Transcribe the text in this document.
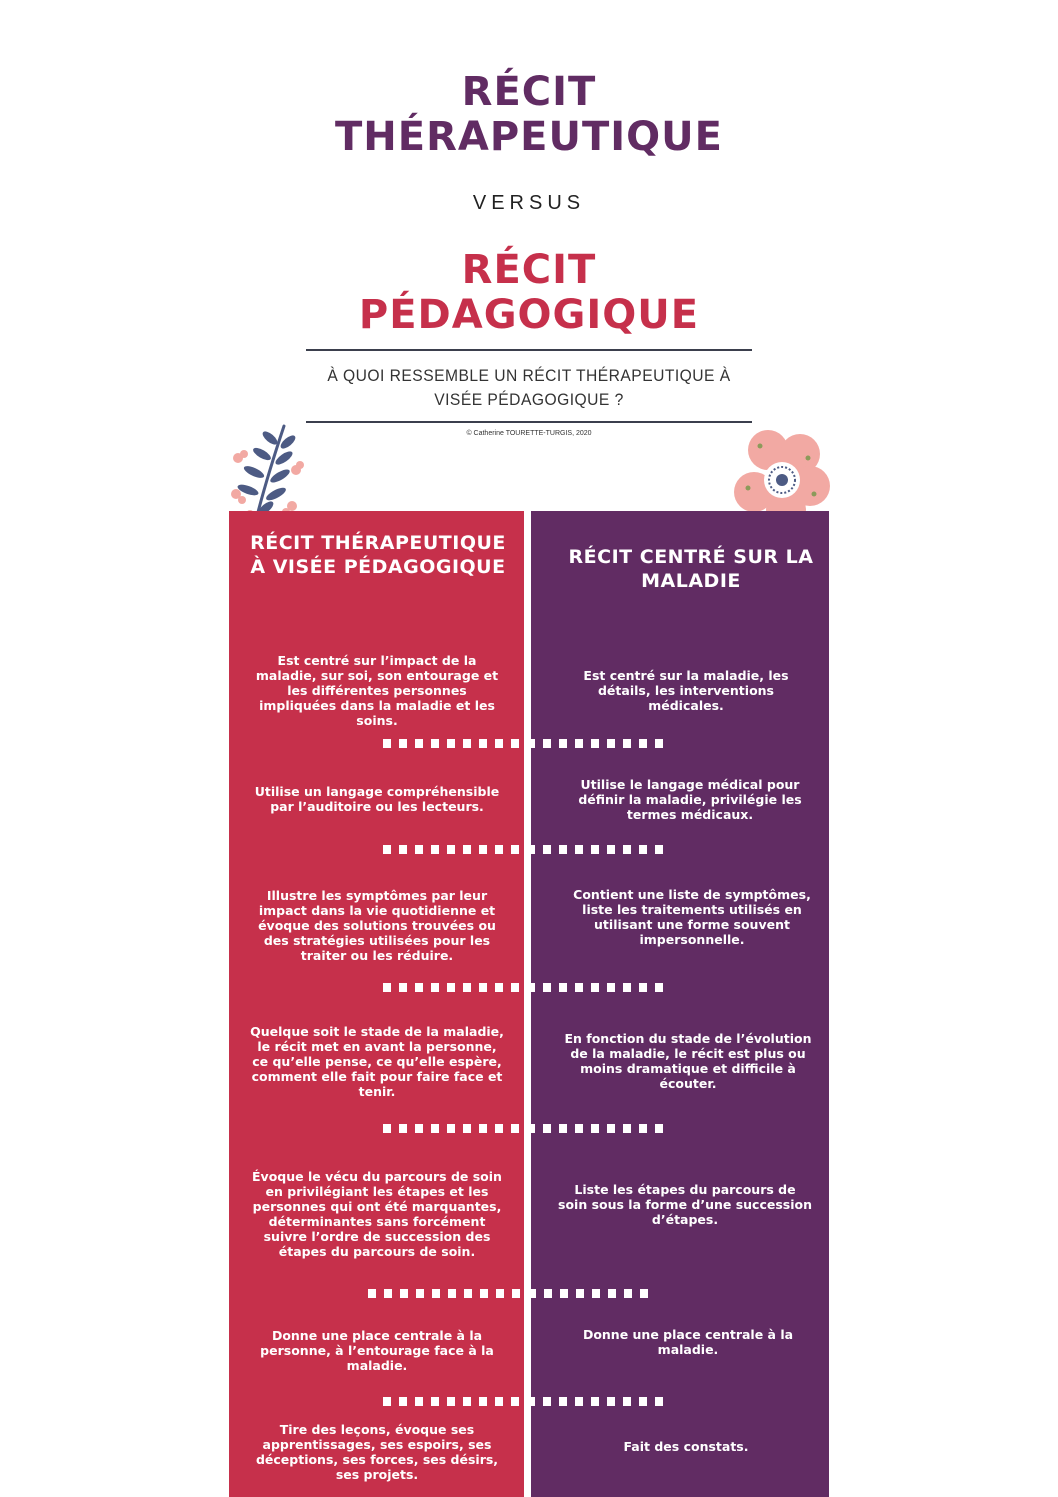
RÉCIT
THÉRAPEUTIQUE
VERSUS
RÉCIT
PÉDAGOGIQUE
À QUOI RESSEMBLE UN RÉCIT THÉRAPEUTIQUE À VISÉE PÉDAGOGIQUE ?
© Catherine TOURETTE-TURGIS, 2020
RÉCIT THÉRAPEUTIQUE À VISÉE PÉDAGOGIQUE	RÉCIT CENTRÉ SUR LA MALADIE
Est centré sur l’impact de la maladie, sur soi, son entourage et les différentes personnes impliquées dans la maladie et les soins.
Est centré sur la maladie, les détails, les interventions médicales.
Utilise un langage compréhensible par l’auditoire ou les lecteurs.
Utilise le langage médical pour définir la maladie, privilégie les termes médicaux.
Illustre les symptômes par leur impact dans la vie quotidienne et évoque des solutions trouvées ou des stratégies utilisées pour les traiter ou les réduire.
Contient une liste de symptômes, liste les traitements utilisés en utilisant une forme souvent impersonnelle.
Quelque soit le stade de la maladie, le récit met en avant la personne, ce qu’elle pense, ce qu’elle espère, comment elle fait pour faire face et tenir.
En fonction du stade de l’évolution de la maladie, le récit est plus ou moins dramatique et difficile à écouter.
Évoque le vécu du parcours de soin en privilégiant les étapes et les personnes qui ont été marquantes, déterminantes sans forcément suivre l’ordre de succession des étapes du parcours de soin.
Liste les étapes du parcours de soin sous la forme d’une succession d’étapes.
Donne une place centrale à la personne, à l’entourage face à la maladie.
Donne une place centrale à la maladie.
Tire des leçons, évoque ses apprentissages, ses espoirs, ses déceptions, ses forces, ses désirs, ses projets.
Fait des constats.
